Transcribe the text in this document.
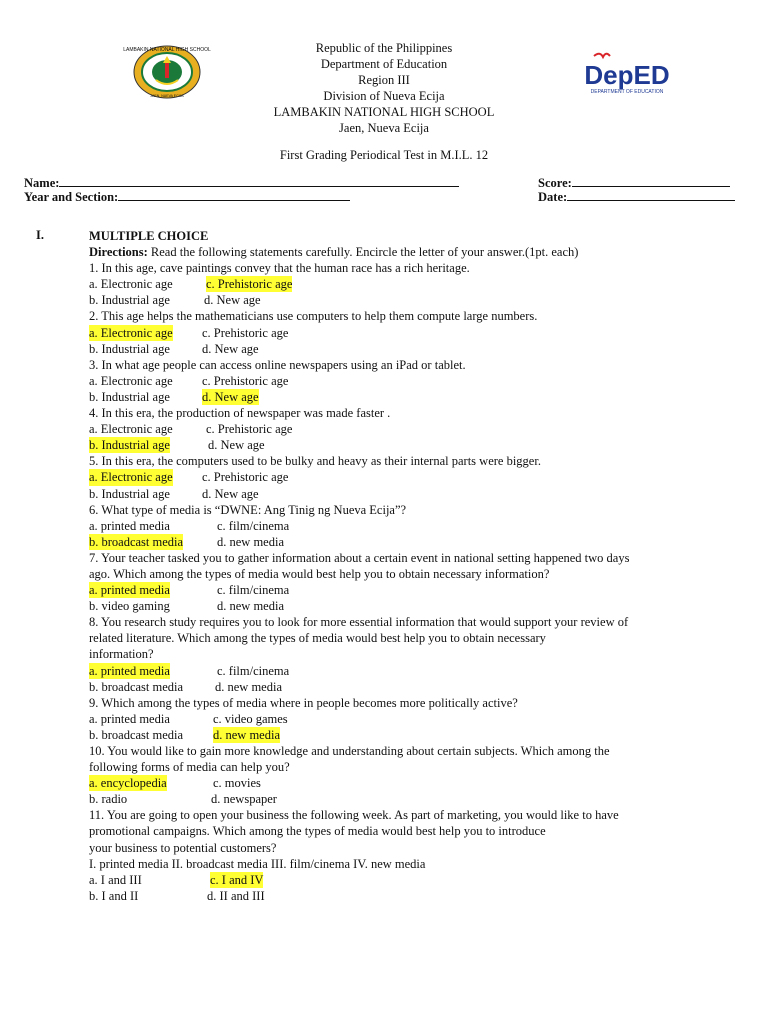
LAMBAKIN NATIONAL HIGH SCHOOL
JAEN, NUEVA ECIJA
DepED
DEPARTMENT OF EDUCATION
Republic of the Philippines
Department of Education
Region III
Division of Nueva Ecija
LAMBAKIN NATIONAL HIGH SCHOOL
Jaen, Nueva Ecija
First Grading Periodical Test in M.I.L. 12
Name:	Score:
Year and Section:	Date:
I.	MULTIPLE CHOICE
Directions: Read the following statements carefully. Encircle the letter of your answer.(1pt. each)
1. In this age, cave paintings convey that the human race has a rich heritage.
a. Electronic age	c. Prehistoric age
b. Industrial age	d. New age
2. This age helps the mathematicians use computers to help them compute large numbers.
a. Electronic age c. Prehistoric age
b. Industrial age	d. New age
3. In what age people can access online newspapers using an iPad or tablet.
a. Electronic age c. Prehistoric age
b. Industrial age	d. New age
4. In this era, the production of newspaper was made faster .
a. Electronic age	c. Prehistoric age
b. Industrial age	d. New age
5. In this era, the computers used to be bulky and heavy as their internal parts were bigger.
a. Electronic age c. Prehistoric age
b. Industrial age	d. New age
6. What type of media is “DWNE: Ang Tinig ng Nueva Ecija”?
a. printed media	c. film/cinema
b. broadcast media	d. new media
7. Your teacher tasked you to gather information about a certain event in national setting happened two days
ago. Which among the types of media would best help you to obtain necessary information?
a. printed media	c. film/cinema
b. video gaming	d. new media
8. You research study requires you to look for more essential information that would support your review of
related literature. Which among the types of media would best help you to obtain necessary
information?
a. printed media	c. film/cinema
b. broadcast media	d. new media
9. Which among the types of media where in people becomes more politically active?
a. printed media	c. video games
b. broadcast media d. new media
10. You would like to gain more knowledge and understanding about certain subjects. Which among the
following forms of media can help you?
a. encyclopedia	c. movies
b. radio	d. newspaper
11. You are going to open your business the following week. As part of marketing, you would like to have
promotional campaigns. Which among the types of media would best help you to introduce
your business to potential customers?
I. printed media II. broadcast media III. film/cinema IV. new media
a. I and III	c. I and IV
b. I and II	d. II and III
